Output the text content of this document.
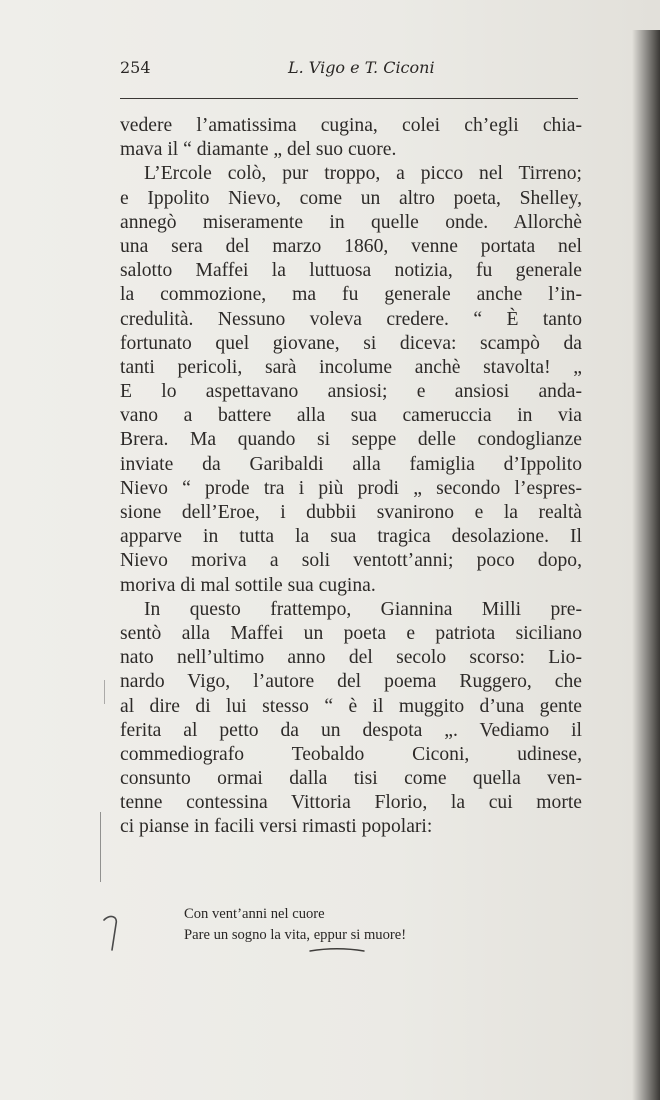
254	L. Vigo e T. Ciconi
vedere l’amatissima cugina, colei ch’egli chia-
mava il “ diamante „ del suo cuore.
L’Ercole colò, pur troppo, a picco nel Tirreno;
e Ippolito Nievo, come un altro poeta, Shelley,
annegò miseramente in quelle onde. Allorchè
una sera del marzo 1860, venne portata nel
salotto Maffei la luttuosa notizia, fu generale
la commozione, ma fu generale anche l’in-
credulità. Nessuno voleva credere. “ È tanto
fortunato quel giovane, si diceva: scampò da
tanti pericoli, sarà incolume anchè stavolta! „
E lo aspettavano ansiosi; e ansiosi anda-
vano a battere alla sua cameruccia in via
Brera. Ma quando si seppe delle condoglianze
inviate da Garibaldi alla famiglia d’Ippolito
Nievo “ prode tra i più prodi „ secondo l’espres-
sione dell’Eroe, i dubbii svanirono e la realtà
apparve in tutta la sua tragica desolazione. Il
Nievo moriva a soli ventott’anni; poco dopo,
moriva di mal sottile sua cugina.
In questo frattempo, Giannina Milli pre-
sentò alla Maffei un poeta e patriota siciliano
nato nell’ultimo anno del secolo scorso: Lio-
nardo Vigo, l’autore del poema Ruggero, che
al dire di lui stesso “ è il muggito d’una gente
ferita al petto da un despota „. Vediamo il
commediografo Teobaldo Ciconi, udinese,
consunto ormai dalla tisi come quella ven-
tenne contessina Vittoria Florio, la cui morte
ci pianse in facili versi rimasti popolari:
Con vent’anni nel cuore
Pare un sogno la vita, eppur si muore!
